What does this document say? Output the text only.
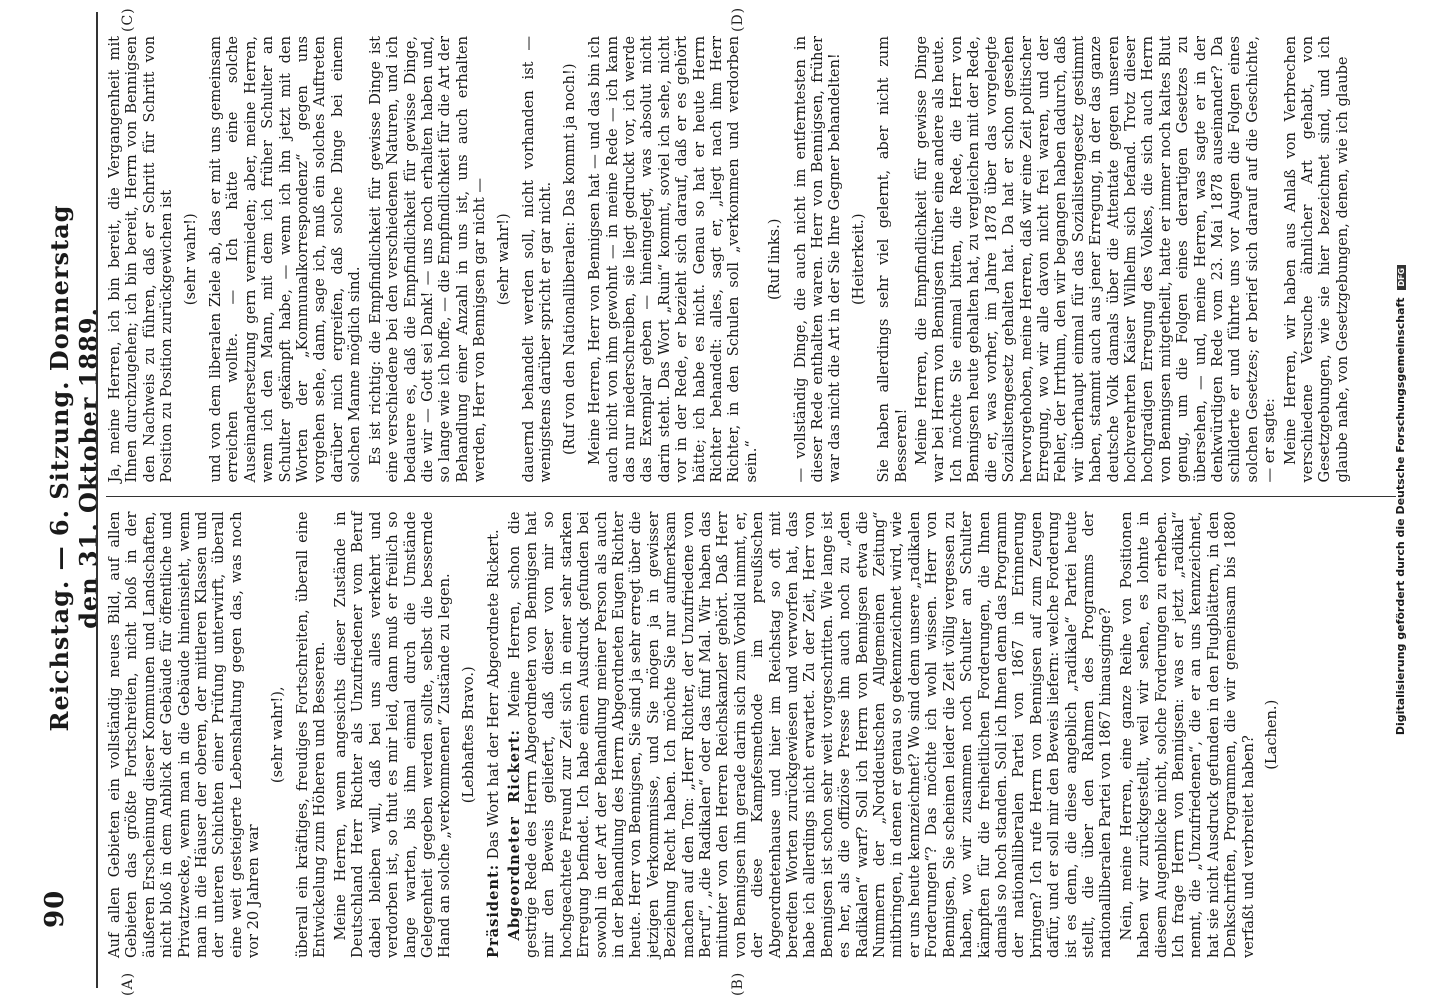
90
Reichstag. — 6. Sitzung. Donnerstag den 31. Oktober 1889.
(A)	(B)
(C)	(D)

Auf allen Gebieten ein vollständig neues Bild, auf allen Gebieten das größte Fortschreiten, nicht bloß in der äußeren Erscheinung dieser Kommunen und Landschaften, nicht bloß in dem Anblick der Gebäude für öffentliche und Privatzwecke, wenn man in die Gebäude hineinsieht, wenn man in die Häuser der oberen, der mittleren Klassen und der unteren Schichten einer Prüfung unterwirft, überall eine weit gesteigerte Lebenshaltung gegen das, was noch vor 20 Jahren war

(sehr wahr!), überall ein kräftiges, freudiges Fortschreiten, überall eine Entwickelung zum Höheren und Besseren. Meine Herren, wenn angesichts dieser Zustände in Deutschland Herr Richter als Unzufriedener vom Beruf dabei bleiben will, daß bei uns alles verkehrt und verdorben ist, so thut es mir leid, dann muß er freilich so lange warten, bis ihm einmal durch die Umstände Gelegenheit gegeben werden sollte, selbst die bessernde Hand an solche „verkommenen“ Zustände zu legen. (Lebhaftes Bravo.)

Präsident: Das Wort hat der Herr Abgeordnete Rickert. Abgeordneter Rickert: Meine Herren, schon die gestrige Rede des Herrn Abgeordneten von Bennigsen hat mir den Beweis geliefert, daß dieser von mir so hochgeachtete Freund zur Zeit sich in einer sehr starken Erregung befindet. Ich habe einen Ausdruck gefunden bei sowohl in der Art der Behandlung meiner Person als auch in der Behandlung des Herrn Abgeordneten Eugen Richter heute. Herr von Bennigsen, Sie sind ja sehr erregt über die jetzigen Verkommnisse, und Sie mögen ja in gewisser Beziehung Recht haben. Ich möchte Sie nur aufmerksam machen auf den Ton: „Herr Richter, der Unzufriedene von Beruf“, „die Radikalen“ oder das fünf Mal. Wir haben das mitunter von den Herren Reichskanzler gehört. Daß Herr von Bennigsen ihn gerade darin sich zum Vorbild nimmt, er, der diese Kampfesmethode im preußischen Abgeordnetenhause und hier im Reichstag so oft mit beredten Worten zurückgewiesen und verworfen hat, das habe ich allerdings nicht erwartet. Zu der Zeit, Herr von Bennigsen ist schon sehr weit vorgeschritten. Wie lange ist es her, als die offiziöse Presse ihn auch noch zu „den Radikalen“ warf? Soll ich Herrn von Bennigsen etwa die Nummern der „Norddeutschen Allgemeinen Zeitung“ mitbringen, in denen er genau so gekennzeichnet wird, wie er uns heute kennzeichnet? Wo sind denn unsere „radikalen Forderungen“? Das möchte ich wohl wissen. Herr von Bennigsen, Sie scheinen leider die Zeit völlig vergessen zu haben, wo wir zusammen noch Schulter an Schulter kämpften für die freiheitlichen Forderungen, die Ihnen damals so hoch standen. Soll ich Ihnen denn das Programm der nationalliberalen Partei von 1867 in Erinnerung bringen? Ich rufe Herrn von Bennigsen auf zum Zeugen dafür, und er soll mir den Beweis liefern: welche Forderung ist es denn, die diese angeblich „radikale“ Partei heute stellt, die über den Rahmen des Programms der nationalliberalen Partei von 1867 hinausginge? Nein, meine Herren, eine ganze Reihe von Positionen haben wir zurückgestellt, weil wir sehen, es lohnte in diesem Augenblicke nicht, solche Forderungen zu erheben. Ich frage Herrn von Bennigsen: was er jetzt „radikal“ nennt, die „Unzufriedenen“, die er an uns kennzeichnet, hat sie nicht Ausdruck gefunden in den Flugblättern, in den Denkschriften, Programmen, die wir gemeinsam bis 1880 verfaßt und verbreitet haben?

(Lachen.)

Ja, meine Herren, ich bin bereit, die Vergangenheit mit Ihnen durchzugehen; ich bin bereit, Herrn von Bennigsen den Nachweis zu führen, daß er Schritt für Schritt von Position zu Position zurückgewichen ist (sehr wahr!) und von dem liberalen Ziele ab, das er mit uns gemeinsam erreichen wollte. — Ich hätte eine solche Auseinandersetzung gern vermieden; aber, meine Herren, wenn ich den Mann, mit dem ich früher Schulter an Schulter gekämpft habe, — wenn ich ihn jetzt mit den Worten der „Kommunalkorrespondenz“ gegen uns vorgehen sehe, dann, sage ich, muß ein solches Auftreten darüber mich ergreifen, daß solche Dinge bei einem solchen Manne möglich sind. Es ist richtig: die Empfindlichkeit für gewisse Dinge ist eine verschiedene bei den verschiedenen Naturen, und ich bedauere es, daß die Empfindlichkeit für gewisse Dinge, die wir — Gott sei Dank! — uns noch erhalten haben und, so lange wie ich hoffe, — die Empfindlichkeit für die Art der Behandlung einer Anzahl in uns ist, uns auch erhalten werden, Herr von Bennigsen gar nicht — (sehr wahr!) dauernd behandelt werden soll, nicht vorhanden ist — wenigstens darüber spricht er gar nicht. (Ruf von den Nationalliberalen: Das kommt ja noch!) Meine Herren, Herr von Bennigsen hat — und das bin ich auch nicht von ihm gewohnt — in meine Rede — ich kann das nur niederschreiben, sie liegt gedruckt vor, ich werde das Exemplar geben — hineingelegt, was absolut nicht darin steht. Das Wort „Ruin“ kommt, soviel ich sehe, nicht vor in der Rede, er bezieht sich darauf, daß er es gehört hätte; ich habe es nicht. Genau so hat er heute Herrn Richter behandelt: alles, sagt er, „liegt nach ihm Herr Richter, in den Schulen soll „verkommen und verdorben sein.“

(Ruf links.) — vollständig Dinge, die auch nicht im entferntesten in dieser Rede enthalten waren. Herr von Bennigsen, früher war das nicht die Art in der Sie Ihre Gegner behandelten! (Heiterkeit.) Sie haben allerdings sehr viel gelernt, aber nicht zum Besseren! Meine Herren, die Empfindlichkeit für gewisse Dinge war bei Herrn von Bennigsen früher eine andere als heute. Ich möchte Sie einmal bitten, die Rede, die Herr von Bennigsen heute gehalten hat, zu vergleichen mit der Rede, die er, was vorher, im Jahre 1878 über das vorgelegte Sozialistengesetz gehalten hat. Da hat er schon gesehen hervorgehoben, meine Herren, daß wir eine Zeit politischer Erregung, wo wir alle davon nicht frei waren, und der Fehler, der Irrthum, den wir begangen haben dadurch, daß wir überhaupt einmal für das Sozialistengesetz gestimmt haben, stammt auch aus jener Erregung, in der das ganze deutsche Volk damals über die Attentate gegen unseren hochverehrten Kaiser Wilhelm sich befand. Trotz dieser hochgradigen Erregung des Volkes, die sich auch Herrn von Bennigsen mitgetheilt, hatte er immer noch kaltes Blut genug, um die Folgen eines derartigen Gesetzes zu übersehen, — und, meine Herren, was sagte er in der denkwürdigen Rede vom 23. Mai 1878 auseinander? Da schilderte er und führte uns vor Augen die Folgen eines solchen Gesetzes; er berief sich darauf auf die Geschichte, — er sagte: Meine Herren, wir haben aus Anlaß von Verbrechen verschiedene Versuche ähnlicher Art gehabt, von Gesetzgebungen, wie sie hier bezeichnet sind, und ich glaube nahe, von Gesetzgebungen, denen, wie ich glaube

Digitalisierung gefördert durch die Deutsche Forschungsgemeinschaft DFG
